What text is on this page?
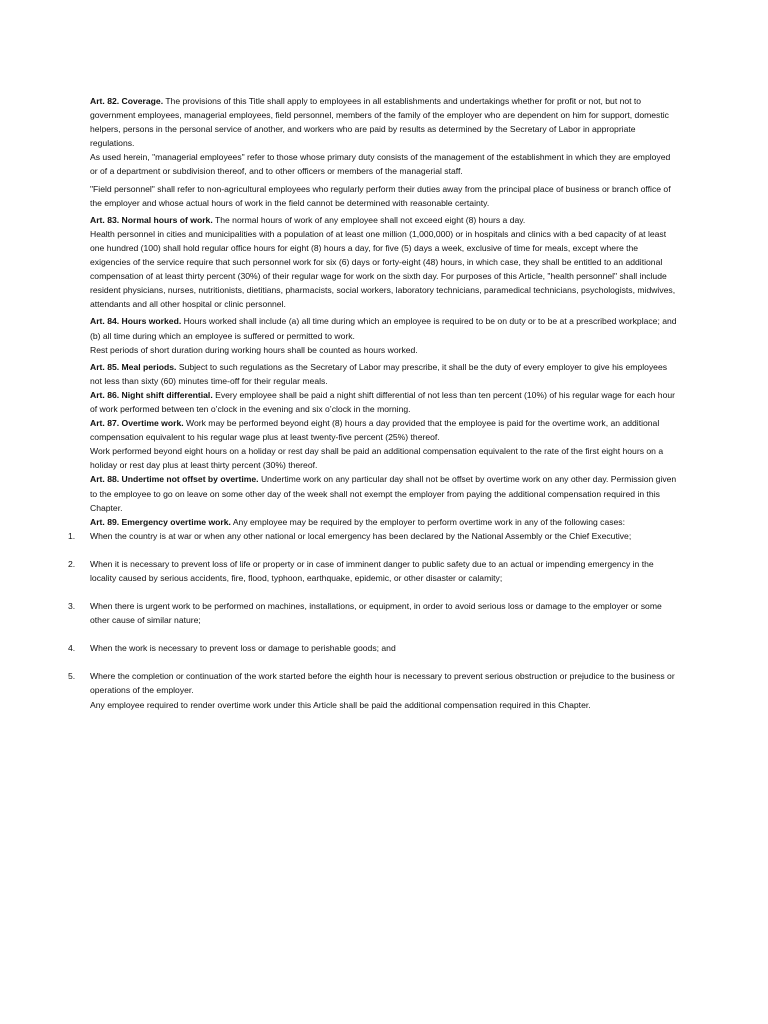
Art. 82. Coverage. The provisions of this Title shall apply to employees in all establishments and undertakings whether for profit or not, but not to government employees, managerial employees, field personnel, members of the family of the employer who are dependent on him for support, domestic helpers, persons in the personal service of another, and workers who are paid by results as determined by the Secretary of Labor in appropriate regulations.

As used herein, "managerial employees" refer to those whose primary duty consists of the management of the establishment in which they are employed or of a department or subdivision thereof, and to other officers or members of the managerial staff.

"Field personnel" shall refer to non-agricultural employees who regularly perform their duties away from the principal place of business or branch office of the employer and whose actual hours of work in the field cannot be determined with reasonable certainty.

Art. 83. Normal hours of work. The normal hours of work of any employee shall not exceed eight (8) hours a day.

Health personnel in cities and municipalities with a population of at least one million (1,000,000) or in hospitals and clinics with a bed capacity of at least one hundred (100) shall hold regular office hours for eight (8) hours a day, for five (5) days a week, exclusive of time for meals, except where the exigencies of the service require that such personnel work for six (6) days or forty-eight (48) hours, in which case, they shall be entitled to an additional compensation of at least thirty percent (30%) of their regular wage for work on the sixth day. For purposes of this Article, "health personnel" shall include resident physicians, nurses, nutritionists, dietitians, pharmacists, social workers, laboratory technicians, paramedical technicians, psychologists, midwives, attendants and all other hospital or clinic personnel.

Art. 84. Hours worked. Hours worked shall include (a) all time during which an employee is required to be on duty or to be at a prescribed workplace; and (b) all time during which an employee is suffered or permitted to work.

Rest periods of short duration during working hours shall be counted as hours worked.

Art. 85. Meal periods. Subject to such regulations as the Secretary of Labor may prescribe, it shall be the duty of every employer to give his employees not less than sixty (60) minutes time-off for their regular meals.

Art. 86. Night shift differential. Every employee shall be paid a night shift differential of not less than ten percent (10%) of his regular wage for each hour of work performed between ten o’clock in the evening and six o’clock in the morning.

Art. 87. Overtime work. Work may be performed beyond eight (8) hours a day provided that the employee is paid for the overtime work, an additional compensation equivalent to his regular wage plus at least twenty-five percent (25%) thereof.

Work performed beyond eight hours on a holiday or rest day shall be paid an additional compensation equivalent to the rate of the first eight hours on a holiday or rest day plus at least thirty percent (30%) thereof.

Art. 88. Undertime not offset by overtime. Undertime work on any particular day shall not be offset by overtime work on any other day. Permission given to the employee to go on leave on some other day of the week shall not exempt the employer from paying the additional compensation required in this Chapter.

Art. 89. Emergency overtime work. Any employee may be required by the employer to perform overtime work in any of the following cases:

1. When the country is at war or when any other national or local emergency has been declared by the National Assembly or the Chief Executive;
2. When it is necessary to prevent loss of life or property or in case of imminent danger to public safety due to an actual or impending emergency in the locality caused by serious accidents, fire, flood, typhoon, earthquake, epidemic, or other disaster or calamity;
3. When there is urgent work to be performed on machines, installations, or equipment, in order to avoid serious loss or damage to the employer or some other cause of similar nature;
4. When the work is necessary to prevent loss or damage to perishable goods; and
5. Where the completion or continuation of the work started before the eighth hour is necessary to prevent serious obstruction or prejudice to the business or operations of the employer.

Any employee required to render overtime work under this Article shall be paid the additional compensation required in this Chapter.
